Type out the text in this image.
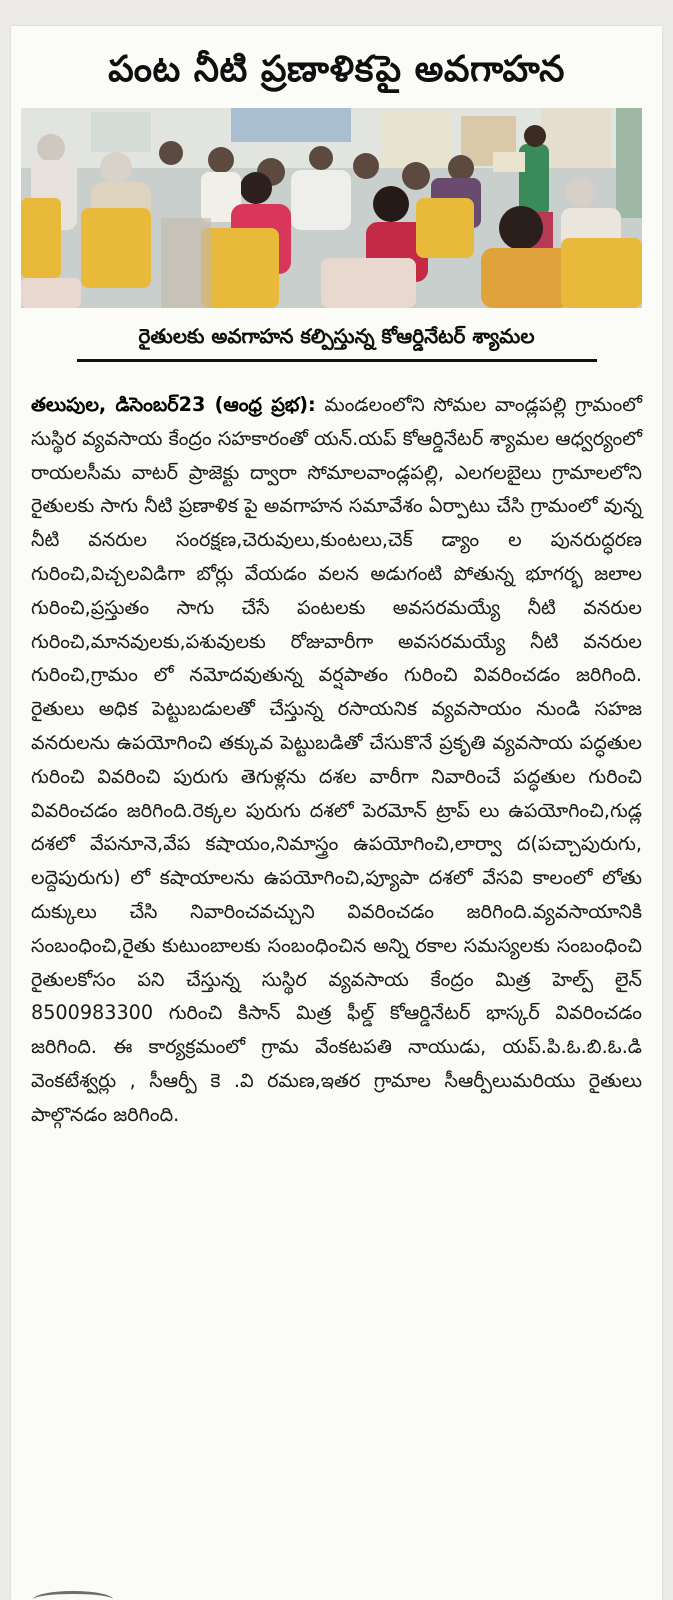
పంట నీటి ప్రణాళికపై అవగాహన
రైతులకు అవగాహన కల్పిస్తున్న కోఆర్డినేటర్ శ్యామల
తలుపుల, డిసెంబర్23 (ఆంధ్ర ప్రభ): మండలంలోని సోమల వాండ్లపల్లి గ్రామంలో సుస్థిర వ్యవసాయ కేంద్రం సహకారంతో యన్.యప్ కోఆర్డినేటర్ శ్యామల ఆధ్వర్యంలో రాయలసీమ వాటర్ ప్రాజెక్టు ద్వారా సోమాలవాండ్లపల్లి, ఎలగలబైలు గ్రామాలలోని రైతులకు సాగు నీటి ప్రణాళిక పై అవగాహన సమావేశం ఏర్పాటు చేసి గ్రామంలో వున్న నీటి వనరుల సంరక్షణ,చెరువులు,కుంటలు,చెక్ డ్యాం ల పునరుద్ధరణ గురించి,విచ్చలవిడిగా బోర్లు వేయడం వలన అడుగంటి పోతున్న భూగర్భ జలాల గురించి,ప్రస్తుతం సాగు చేసే పంటలకు అవసరమయ్యే నీటి వనరుల గురించి,మానవులకు,పశువులకు రోజువారీగా అవసరమయ్యే నీటి వనరుల గురించి,గ్రామం లో నమోదవుతున్న వర్షపాతం గురించి వివరించడం జరిగింది. రైతులు అధిక పెట్టుబడులతో చేస్తున్న రసాయనిక వ్యవసాయం నుండి సహజ వనరులను ఉపయోగించి తక్కువ పెట్టుబడితో చేసుకొనే ప్రకృతి వ్యవసాయ పద్ధతుల గురించి వివరించి పురుగు తెగుళ్లను దశల వారీగా నివారించే పద్ధతుల గురించి వివరించడం జరిగింది.రెక్కల పురుగు దశలో పెరమోన్ ట్రాప్ లు ఉపయోగించి,గుడ్ల దశలో వేపనూనె,వేప కషాయం,నిమాస్త్రం ఉపయోగించి,లార్వా ద(పచ్చాపురుగు, లద్దెపురుగు) లో కషాయాలను ఉపయోగించి,ప్యూపా దశలో వేసవి కాలంలో లోతు దుక్కులు చేసి నివారించవచ్చుని వివరించడం జరిగింది.వ్యవసాయానికి సంబంధించి,రైతు కుటుంబాలకు సంబంధించిన అన్ని రకాల సమస్యలకు సంబంధించి రైతులకోసం పని చేస్తున్న సుస్థిర వ్యవసాయ కేంద్రం మిత్ర హెల్ప్ లైన్ 8500983300 గురించి కిసాన్ మిత్ర ఫీల్డ్ కోఆర్డినేటర్ భాస్కర్ వివరించడం జరిగింది. ఈ కార్యక్రమంలో గ్రామ వేంకటపతి నాయుడు, యప్.పి.ఓ.బి.ఓ.డి వెంకటేశ్వర్లు , సీఆర్పీ కె .వి రమణ,ఇతర గ్రామాల సీఆర్పీలుమరియు రైతులు పాల్గొనడం జరిగింది.
